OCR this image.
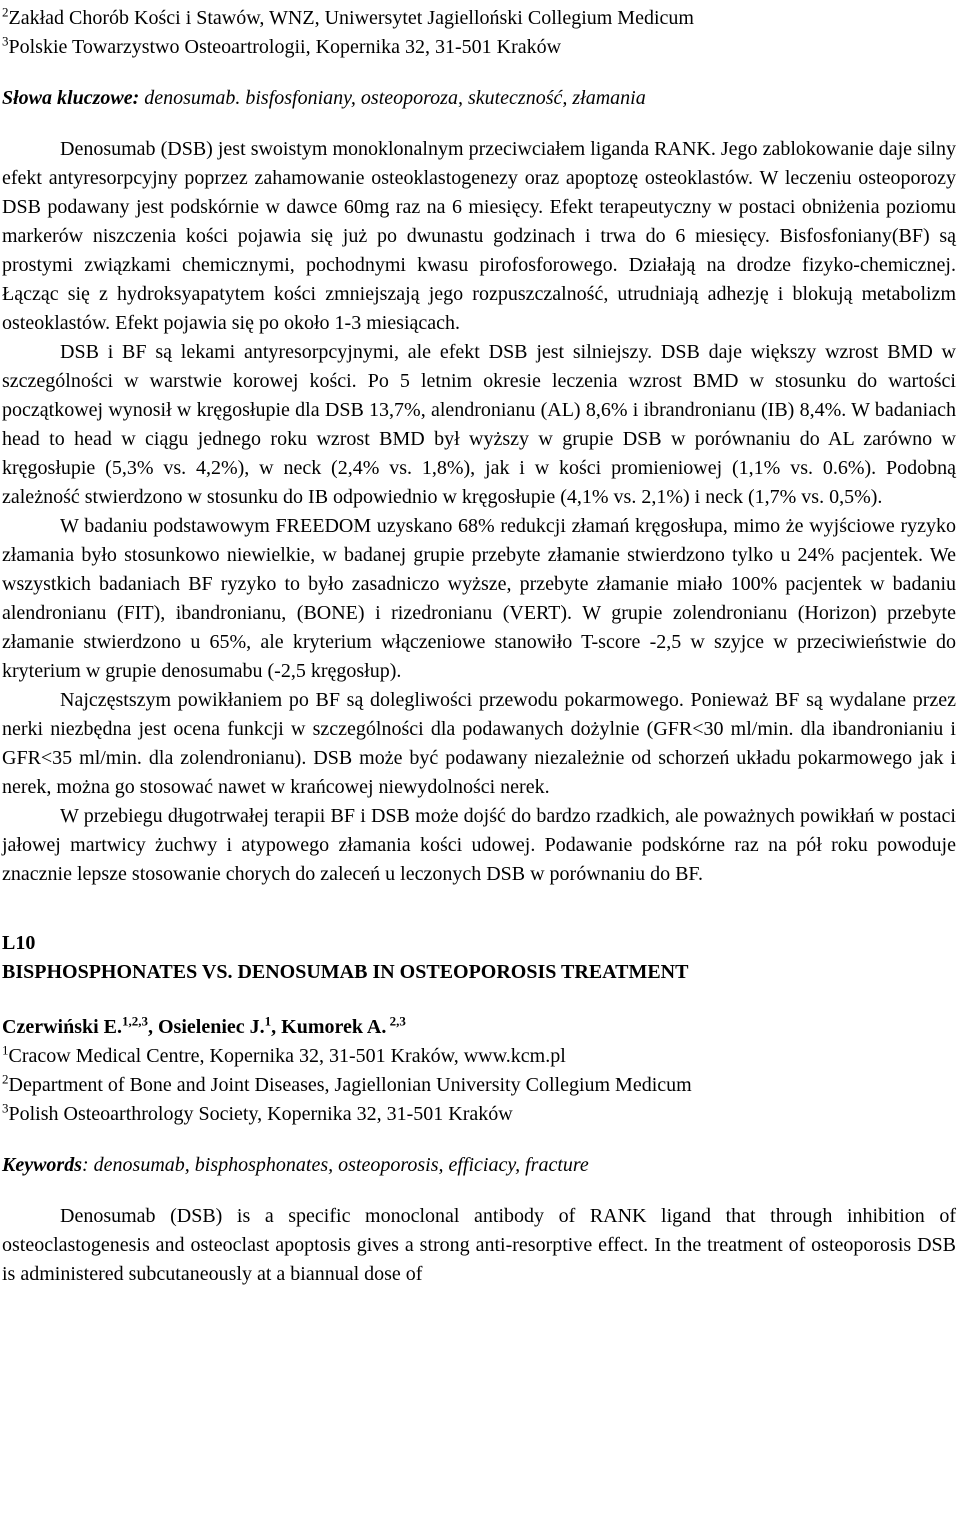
$^2$Zakład Chorób Kości i Stawów, WNZ, Uniwersytet Jagielloński Collegium Medicum
$^3$Polskie Towarzystwo Osteoartrologii, Kopernika 32, 31-501 Kraków
Słowa kluczowe: denosumab. bisfosfoniany, osteoporoza, skuteczność, złamania

Denosumab (DSB) jest swoistym monoklonalnym przeciwciałem liganda RANK. Jego zablokowanie daje silny efekt antyresorpcyjny poprzez zahamowanie osteoklastogenezy oraz apoptozę osteoklastów. W leczeniu osteoporozy DSB podawany jest podskórnie w dawce 60mg raz na 6 miesięcy. Efekt terapeutyczny w postaci obniżenia poziomu markerów niszczenia kości pojawia się już po dwunastu godzinach i trwa do 6 miesięcy. Bisfosfoniany(BF) są prostymi związkami chemicznymi, pochodnymi kwasu pirofosforowego. Działają na drodze fizyko-chemicznej. Łącząc się z hydroksyapatytem kości zmniejszają jego rozpuszczalność, utrudniają adhezję i blokują metabolizm osteoklastów. Efekt pojawia się po około 1-3 miesiącach.

DSB i BF są lekami antyresorpcyjnymi, ale efekt DSB jest silniejszy. DSB daje większy wzrost BMD w szczególności w warstwie korowej kości. Po 5 letnim okresie leczenia wzrost BMD w stosunku do wartości początkowej wynosił w kręgosłupie dla DSB 13,7%, alendronianu (AL) 8,6% i ibrandronianu (IB) 8,4%. W badaniach head to head w ciągu jednego roku wzrost BMD był wyższy w grupie DSB w porównaniu do AL zarówno w kręgosłupie (5,3% vs. 4,2%), w neck (2,4% vs. 1,8%), jak i w kości promieniowej (1,1% vs. 0.6%). Podobną zależność stwierdzono w stosunku do IB odpowiednio w kręgosłupie (4,1% vs. 2,1%) i neck (1,7% vs. 0,5%).

W badaniu podstawowym FREEDOM uzyskano 68% redukcji złamań kręgosłupa, mimo że wyjściowe ryzyko złamania było stosunkowo niewielkie, w badanej grupie przebyte złamanie stwierdzono tylko u 24% pacjentek. We wszystkich badaniach BF ryzyko to było zasadniczo wyższe, przebyte złamanie miało 100% pacjentek w badaniu alendronianu (FIT), ibandronianu, (BONE) i rizedronianu (VERT). W grupie zolendronianu (Horizon) przebyte złamanie stwierdzono u 65%, ale kryterium włączeniowe stanowiło T-score -2,5 w szyjce w przeciwieństwie do kryterium w grupie denosumabu (-2,5 kręgosłup).

Najczęstszym powikłaniem po BF są dolegliwości przewodu pokarmowego. Ponieważ BF są wydalane przez nerki niezbędna jest ocena funkcji w szczególności dla podawanych dożylnie (GFR<30 ml/min. dla ibandronianiu i GFR<35 ml/min. dla zolendronianu). DSB może być podawany niezależnie od schorzeń układu pokarmowego jak i nerek, można go stosować nawet w krańcowej niewydolności nerek.

W przebiegu długotrwałej terapii BF i DSB może dojść do bardzo rzadkich, ale poważnych powikłań w postaci jałowej martwicy żuchwy i atypowego złamania kości udowej. Podawanie podskórne raz na pół roku powoduje znacznie lepsze stosowanie chorych do zaleceń u leczonych DSB w porównaniu do BF.

L10
BISPHOSPHONATES VS. DENOSUMAB IN OSTEOPOROSIS TREATMENT
Czerwiński E.$^{1,2,3}$, Osieleniec J.$^1$, Kumorek A. $^{2,3}$
$^1$Cracow Medical Centre, Kopernika 32, 31-501 Kraków, www.kcm.pl
$^2$Department of Bone and Joint Diseases, Jagiellonian University Collegium Medicum
$^3$Polish Osteoarthrology Society, Kopernika 32, 31-501 Kraków
Keywords: denosumab, bisphosphonates, osteoporosis, efficiacy, fracture

Denosumab (DSB) is a specific monoclonal antibody of RANK ligand that through inhibition of osteoclastogenesis and osteoclast apoptosis gives a strong anti-resorptive effect. In the treatment of osteoporosis DSB is administered subcutaneously at a biannual dose of
